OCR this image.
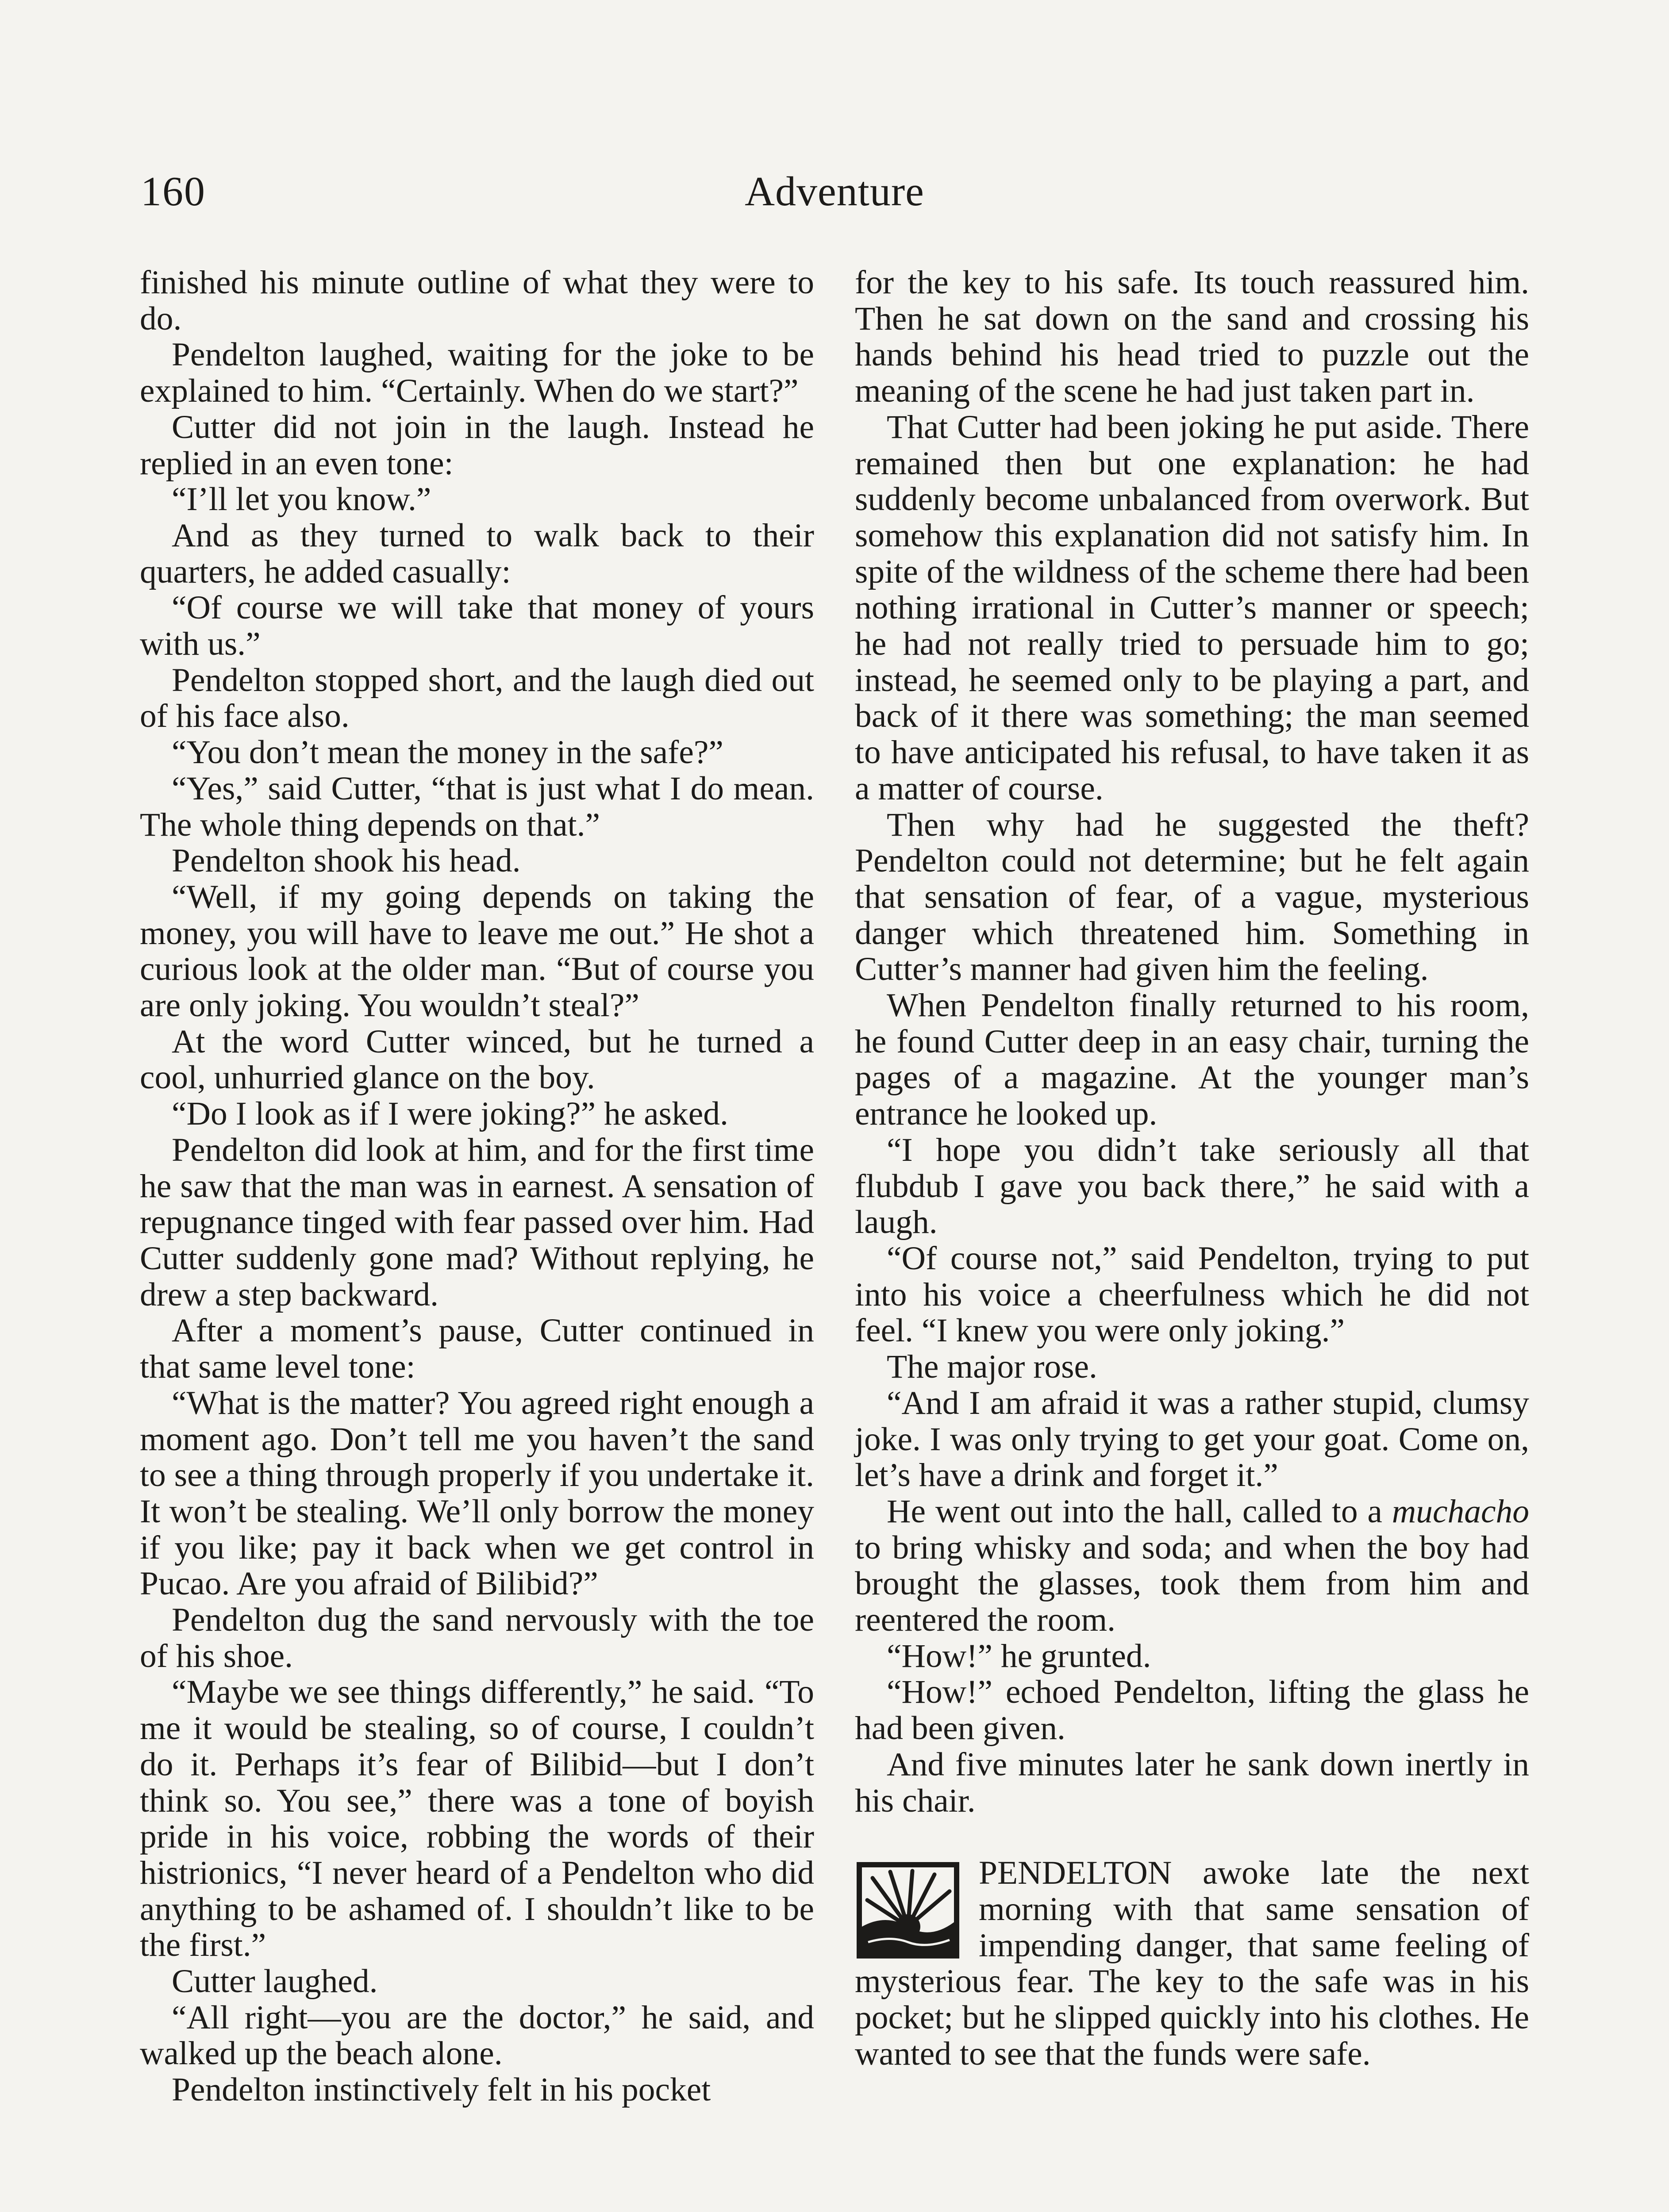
160	Adventure

finished his minute outline of what they were to do.

Pendelton laughed, waiting for the joke to be explained to him. “Certainly. When do we start?”

Cutter did not join in the laugh. Instead he replied in an even tone:

“I’ll let you know.”

And as they turned to walk back to their quarters, he added casually:

“Of course we will take that money of yours with us.”

Pendelton stopped short, and the laugh died out of his face also.

“You don’t mean the money in the safe?”

“Yes,” said Cutter, “that is just what I do mean. The whole thing depends on that.”

Pendelton shook his head.

“Well, if my going depends on taking the money, you will have to leave me out.” He shot a curious look at the older man. “But of course you are only joking. You wouldn’t steal?”

At the word Cutter winced, but he turned a cool, unhurried glance on the boy.

“Do I look as if I were joking?” he asked.

Pendelton did look at him, and for the first time he saw that the man was in earnest. A sensation of repugnance tinged with fear passed over him. Had Cutter suddenly gone mad? Without replying, he drew a step backward.

After a moment’s pause, Cutter continued in that same level tone:

“What is the matter? You agreed right enough a moment ago. Don’t tell me you haven’t the sand to see a thing through properly if you undertake it. It won’t be stealing. We’ll only borrow the money if you like; pay it back when we get control in Pucao. Are you afraid of Bilibid?”

Pendelton dug the sand nervously with the toe of his shoe.

“Maybe we see things differently,” he said. “To me it would be stealing, so of course, I couldn’t do it. Perhaps it’s fear of Bilibid—but I don’t think so. You see,” there was a tone of boyish pride in his voice, robbing the words of their histrionics, “I never heard of a Pendelton who did anything to be ashamed of. I shouldn’t like to be the first.”

Cutter laughed.

“All right—you are the doctor,” he said, and walked up the beach alone.

Pendelton instinctively felt in his pocket

for the key to his safe. Its touch reassured him. Then he sat down on the sand and crossing his hands behind his head tried to puzzle out the meaning of the scene he had just taken part in.

That Cutter had been joking he put aside. There remained then but one explanation: he had suddenly become unbalanced from overwork. But somehow this explanation did not satisfy him. In spite of the wildness of the scheme there had been nothing irrational in Cutter’s manner or speech; he had not really tried to persuade him to go; instead, he seemed only to be playing a part, and back of it there was something; the man seemed to have anticipated his refusal, to have taken it as a matter of course.

Then why had he suggested the theft? Pendelton could not determine; but he felt again that sensation of fear, of a vague, mysterious danger which threatened him. Something in Cutter’s manner had given him the feeling.

When Pendelton finally returned to his room, he found Cutter deep in an easy chair, turning the pages of a magazine. At the younger man’s entrance he looked up.

“I hope you didn’t take seriously all that flubdub I gave you back there,” he said with a laugh.

“Of course not,” said Pendelton, trying to put into his voice a cheerfulness which he did not feel. “I knew you were only joking.”

The major rose.

“And I am afraid it was a rather stupid, clumsy joke. I was only trying to get your goat. Come on, let’s have a drink and forget it.”

He went out into the hall, called to a muchacho to bring whisky and soda; and when the boy had brought the glasses, took them from him and reentered the room.

“How!” he grunted.

“How!” echoed Pendelton, lifting the glass he had been given.

And five minutes later he sank down inertly in his chair.

PENDELTON awoke late the next morning with that same sensation of impending danger, that same feeling of mysterious fear. The key to the safe was in his pocket; but he slipped quickly into his clothes. He wanted to see that the funds were safe.
